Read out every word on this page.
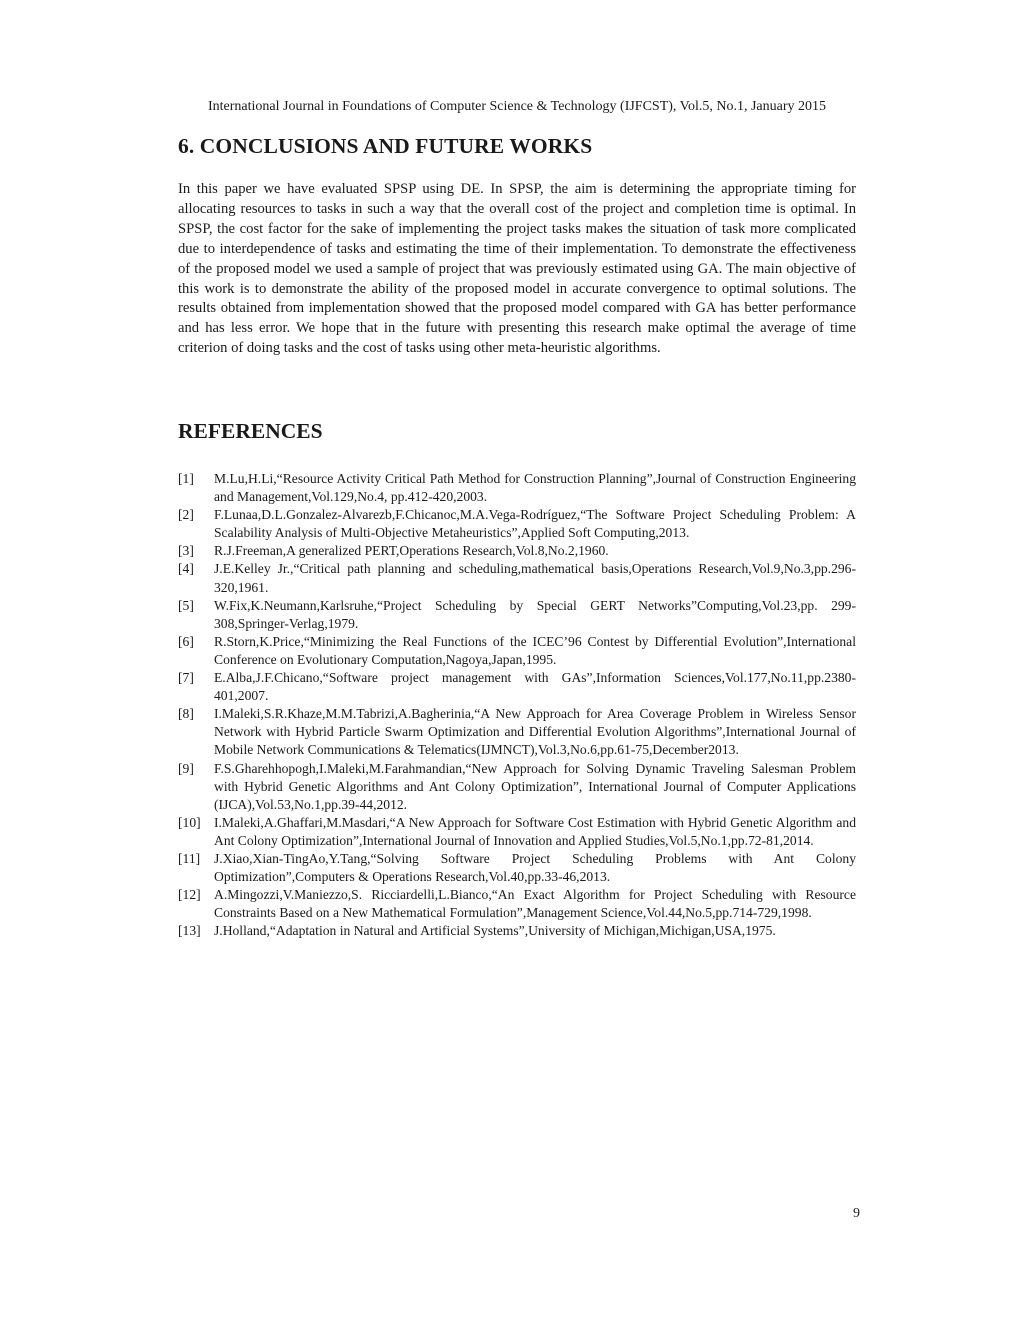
International Journal in Foundations of Computer Science & Technology (IJFCST), Vol.5, No.1, January 2015
6. CONCLUSIONS AND FUTURE WORKS

In this paper we have evaluated SPSP using DE. In SPSP, the aim is determining the appropriate timing for allocating resources to tasks in such a way that the overall cost of the project and completion time is optimal. In SPSP, the cost factor for the sake of implementing the project tasks makes the situation of task more complicated due to interdependence of tasks and estimating the time of their implementation. To demonstrate the effectiveness of the proposed model we used a sample of project that was previously estimated using GA. The main objective of this work is to demonstrate the ability of the proposed model in accurate convergence to optimal solutions. The results obtained from implementation showed that the proposed model compared with GA has better performance and has less error. We hope that in the future with presenting this research make optimal the average of time criterion of doing tasks and the cost of tasks using other meta-heuristic algorithms.

REFERENCES
[1]	M.Lu,H.Li,“Resource Activity Critical Path Method for Construction Planning”,Journal of Construction Engineering and Management,Vol.129,No.4, pp.412-420,2003.
[2]	F.Lunaa,D.L.Gonzalez-Alvarezb,F.Chicanoc,M.A.Vega-Rodríguez,“The Software Project Scheduling Problem: A Scalability Analysis of Multi-Objective Metaheuristics”,Applied Soft Computing,2013.
[3]	R.J.Freeman,A generalized PERT,Operations Research,Vol.8,No.2,1960.
[4]	J.E.Kelley Jr.,“Critical path planning and scheduling,mathematical basis,Operations Research,Vol.9,No.3,pp.296-320,1961.
[5]	W.Fix,K.Neumann,Karlsruhe,“Project Scheduling by Special GERT Networks”Computing,Vol.23,pp. 299-308,Springer-Verlag,1979.
[6]	R.Storn,K.Price,“Minimizing the Real Functions of the ICEC’96 Contest by Differential Evolution”,International Conference on Evolutionary Computation,Nagoya,Japan,1995.
[7]	E.Alba,J.F.Chicano,“Software project management with GAs”,Information Sciences,Vol.177,No.11,pp.2380-401,2007.
[8]	I.Maleki,S.R.Khaze,M.M.Tabrizi,A.Bagherinia,“A New Approach for Area Coverage Problem in Wireless Sensor Network with Hybrid Particle Swarm Optimization and Differential Evolution Algorithms”,International Journal of Mobile Network Communications & Telematics(IJMNCT),Vol.3,No.6,pp.61-75,December2013.
[9]	F.S.Gharehhopogh,I.Maleki,M.Farahmandian,“New Approach for Solving Dynamic Traveling Salesman Problem with Hybrid Genetic Algorithms and Ant Colony Optimization”, International Journal of Computer Applications (IJCA),Vol.53,No.1,pp.39-44,2012.
[10] I.Maleki,A.Ghaffari,M.Masdari,“A New Approach for Software Cost Estimation with Hybrid Genetic Algorithm and Ant Colony Optimization”,International Journal of Innovation and Applied Studies,Vol.5,No.1,pp.72-81,2014.
[11]	J.Xiao,Xian-TingAo,Y.Tang,“Solving Software Project Scheduling Problems with Ant Colony Optimization”,Computers & Operations Research,Vol.40,pp.33-46,2013.
[12] A.Mingozzi,V.Maniezzo,S. Ricciardelli,L.Bianco,“An Exact Algorithm for Project Scheduling with Resource Constraints Based on a New Mathematical Formulation”,Management Science,Vol.44,No.5,pp.714-729,1998.
[13] J.Holland,“Adaptation in Natural and Artificial Systems”,University of Michigan,Michigan,USA,1975.
9
